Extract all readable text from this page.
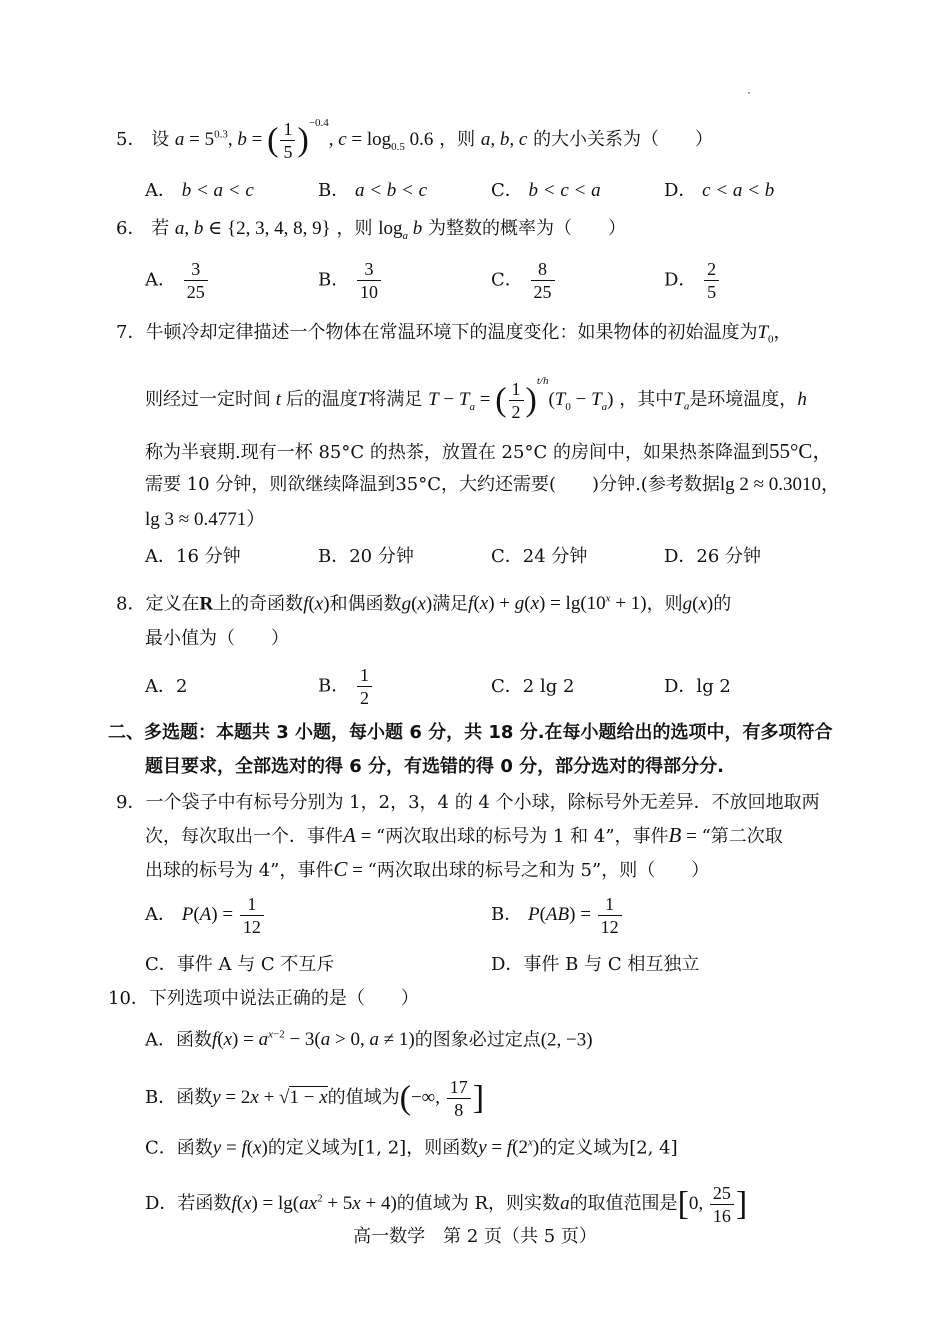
5． 设 $a = 5^{0.3}$, b = ( $\frac{1}{5} )^{-0.4}$, $c = \log_{0.5} 0.6$ ，则 a, b, c 的大小关系为（　　）
A． b < a < c	B． a < b < c	C． b < c < a	D． c < a < b
6． 若 a, b ∈ {2, 3, 4, 8, 9} ，则 $\log_a b$ 为整数的概率为（　　）
A． $\frac{3}{25}$	B． $\frac{3}{10}$	C． $\frac{8}{25}$	D． $\frac{2}{5}$
7．牛顿冷却定律描述一个物体在常温环境下的温度变化：如果物体的初始温度为$T_0$，
则经过一定时间 t 后的温度T将满足 $T - T_a$ = ( $\frac{1}{2} )^{t/h}(T_0 - T_a)$ ，其中$T_a$是环境温度，h
称为半衰期.现有一杯 85°C 的热茶，放置在 25°C 的房间中，如果热茶降温到55°C，
需要 10 分钟，则欲继续降温到35°C，大约还需要(　　)分钟.(参考数据lg 2 ≈ 0.3010，
lg 3 ≈ 0.4771）
A．16 分钟	B．20 分钟	C．24 分钟	D．26 分钟
8．定义在R上的奇函数f(x)和偶函数g(x)满足$f(x) + g(x) = \lg(10^x + 1)$，则g(x)的
最小值为（　　）
A．2	B． $\frac{1}{2}$	C．2 lg 2	D．lg 2
二、多选题：本题共 3 小题，每小题 6 分，共 18 分.在每小题给出的选项中，有多项符合
题目要求，全部选对的得 6 分，有选错的得 0 分，部分选对的得部分分.
9．一个袋子中有标号分别为 1，2，3，4 的 4 个小球，除标号外无差异．不放回地取两
次，每次取出一个．事件A = “两次取出球的标号为 1 和 4”，事件B = “第二次取
出球的标号为 4”，事件C = “两次取出球的标号之和为 5”，则（　　）
A． $P(A) = \frac{1}{12}$	B． $P(AB) = \frac{1}{12}$
C．事件 A 与 C 不互斥	D．事件 B 与 C 相互独立
10．下列选项中说法正确的是（　　）
A．函数$f(x) = a^{x-2} - 3(a > 0$, a ≠ 1)的图象必过定点(2, −3)
B．函数y = 2x + √1 − x的值域为(−∞, $\frac{17}{8}$ ]
C．函数y = f(x)的定义域为[1, 2]，则函数$y = f(2^x)$的定义域为[2, 4]
D．若函数$f(x) = \lg(ax^2 + 5x + 4)$的值域为 R，则实数a的取值范围是[0, $\frac{25}{16}$ ]
高一数学　第 2 页（共 5 页）
